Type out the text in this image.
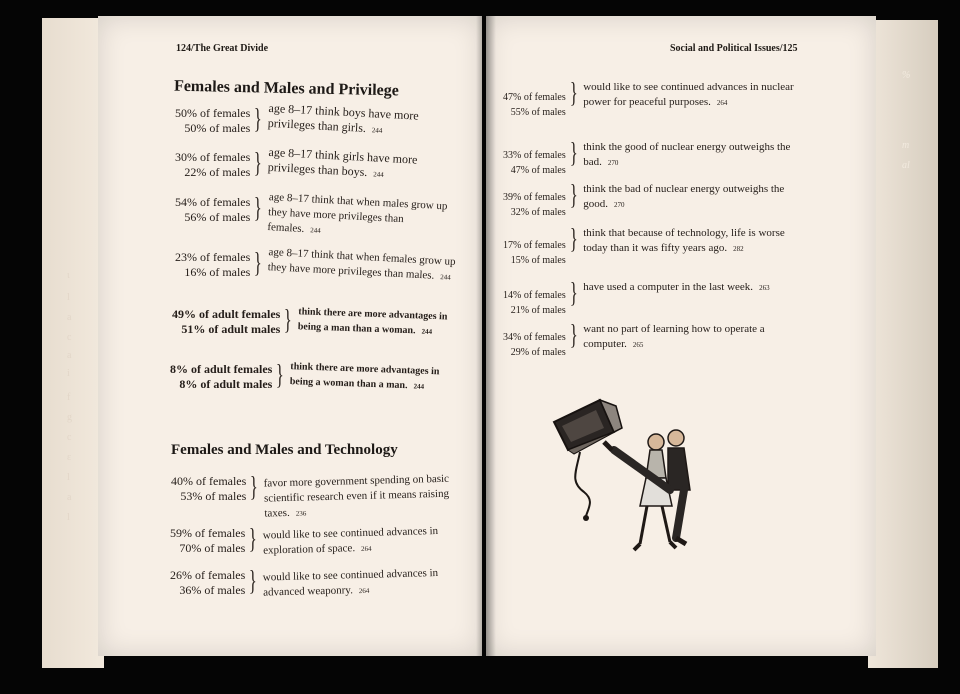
124/The Great Divide	Social and Political Issues/125
Females and Males and Privilege
50% of females
50% of males } age 8–17 think boys have more privileges than girls. 244
30% of females
22% of males } age 8–17 think girls have more privileges than boys. 244
54% of females
56% of males } age 8–17 think that when males grow up they have more privileges than females. 244
23% of females
16% of males } age 8–17 think that when females grow up they have more privileges than males. 244
49% of adult females
51% of adult males } think there are more advantages in being a man than a woman. 244
8% of adult females
8% of adult males } think there are more advantages in being a woman than a man. 244
Females and Males and Technology
40% of females
53% of males } favor more government spending on basic scientific research even if it means raising taxes. 236
59% of females
70% of males } would like to see continued advances in exploration of space. 264
26% of females
36% of males } would like to see continued advances in advanced weaponry. 264
47% of females
55% of males
} would like to see continued advances in nuclear power for peaceful purposes. 264
33% of females
47% of males
} think the good of nuclear energy outweighs the bad. 270
39% of females
32% of males
} think the bad of nuclear energy outweighs the good. 270
17% of females
15% of males
} think that because of technology, life is worse today than it was fifty years ago. 282
14% of females
21% of males
} have used a computer in the last week. 263
34% of females
29% of males
} want no part of learning how to operate a computer. 265
%
m
al
ι
l
a
c
a
i
f
g
c
ε
l
a
l
